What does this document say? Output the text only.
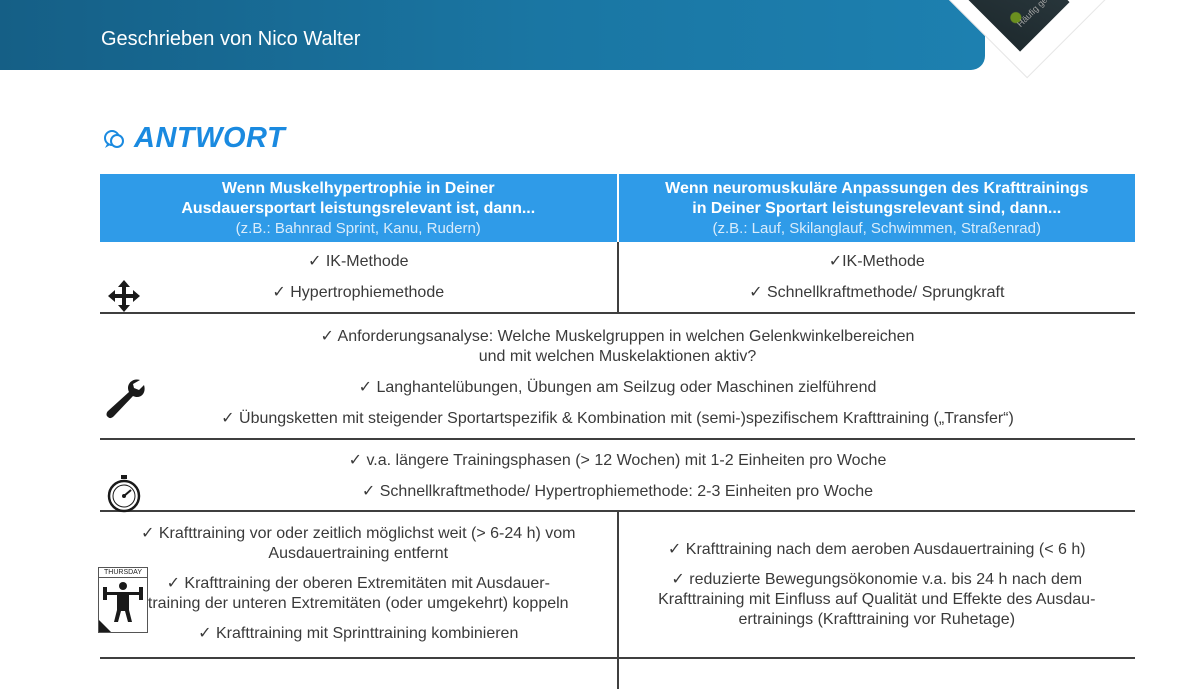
Geschrieben von Nico Walter
ANTWORT
Wenn Muskelhypertrophie in Deiner
Ausdauersportart leistungsrelevant ist, dann...
(z.B.: Bahnrad Sprint, Kanu, Rudern)
Wenn neuromuskuläre Anpassungen des Krafttrainings
in Deiner Sportart leistungsrelevant sind, dann...
(z.B.: Lauf, Skilanglauf, Schwimmen, Straßenrad)
✓ IK-Methode
✓ Hypertrophiemethode
✓IK-Methode
✓ Schnellkraftmethode/ Sprungkraft
✓ Anforderungsanalyse: Welche Muskelgruppen in welchen Gelenkwinkelbereichen
und mit welchen Muskelaktionen aktiv?
✓ Langhantelübungen, Übungen am Seilzug oder Maschinen zielführend
✓ Übungsketten mit steigender Sportartspezifik & Kombination mit (semi-)spezifischem Krafttraining („Transfer“)
✓ v.a. längere Trainingsphasen (> 12 Wochen) mit 1-2 Einheiten pro Woche
✓ Schnellkraftmethode/ Hypertrophiemethode: 2-3 Einheiten pro Woche
THURSDAY
✓ Krafttraining vor oder zeitlich möglichst weit (> 6-24 h) vom
Ausdauertraining entfernt
✓ Krafttraining der oberen Extremitäten mit Ausdauer-
training der unteren Extremitäten (oder umgekehrt) koppeln
✓ Krafttraining mit Sprinttraining kombinieren
✓ Krafttraining nach dem aeroben Ausdauertraining (< 6 h)
✓ reduzierte Bewegungsökonomie v.a. bis 24 h nach dem
Krafttraining mit Einfluss auf Qualität und Effekte des Ausdau-
ertrainings (Krafttraining vor Ruhetage)
